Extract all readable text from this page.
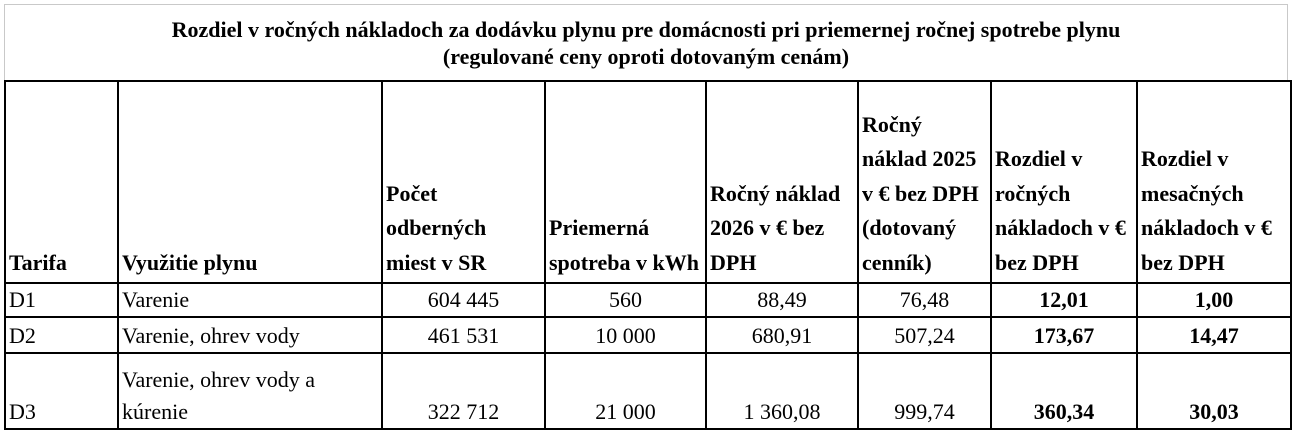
Rozdiel v ročných nákladoch za dodávku plynu pre domácnosti pri priemernej ročnej spotrebe plynu
(regulované ceny oproti dotovaným cenám)
Tarifa	Využitie plynu	Počet odberných miest v SR	Priemerná spotreba v kWh	Ročný náklad 2026 v € bez DPH	Ročný náklad 2025 v € bez DPH (dotovaný cenník)	Rozdiel v ročných nákladoch v € bez DPH	Rozdiel v mesačných nákladoch v € bez DPH
D1	Varenie	604 445	560	88,49	76,48	12,01	1,00
D2	Varenie, ohrev vody	461 531	10 000	680,91	507,24	173,67	14,47
D3	Varenie, ohrev vody a kúrenie	322 712	21 000	1 360,08	999,74	360,34	30,03
